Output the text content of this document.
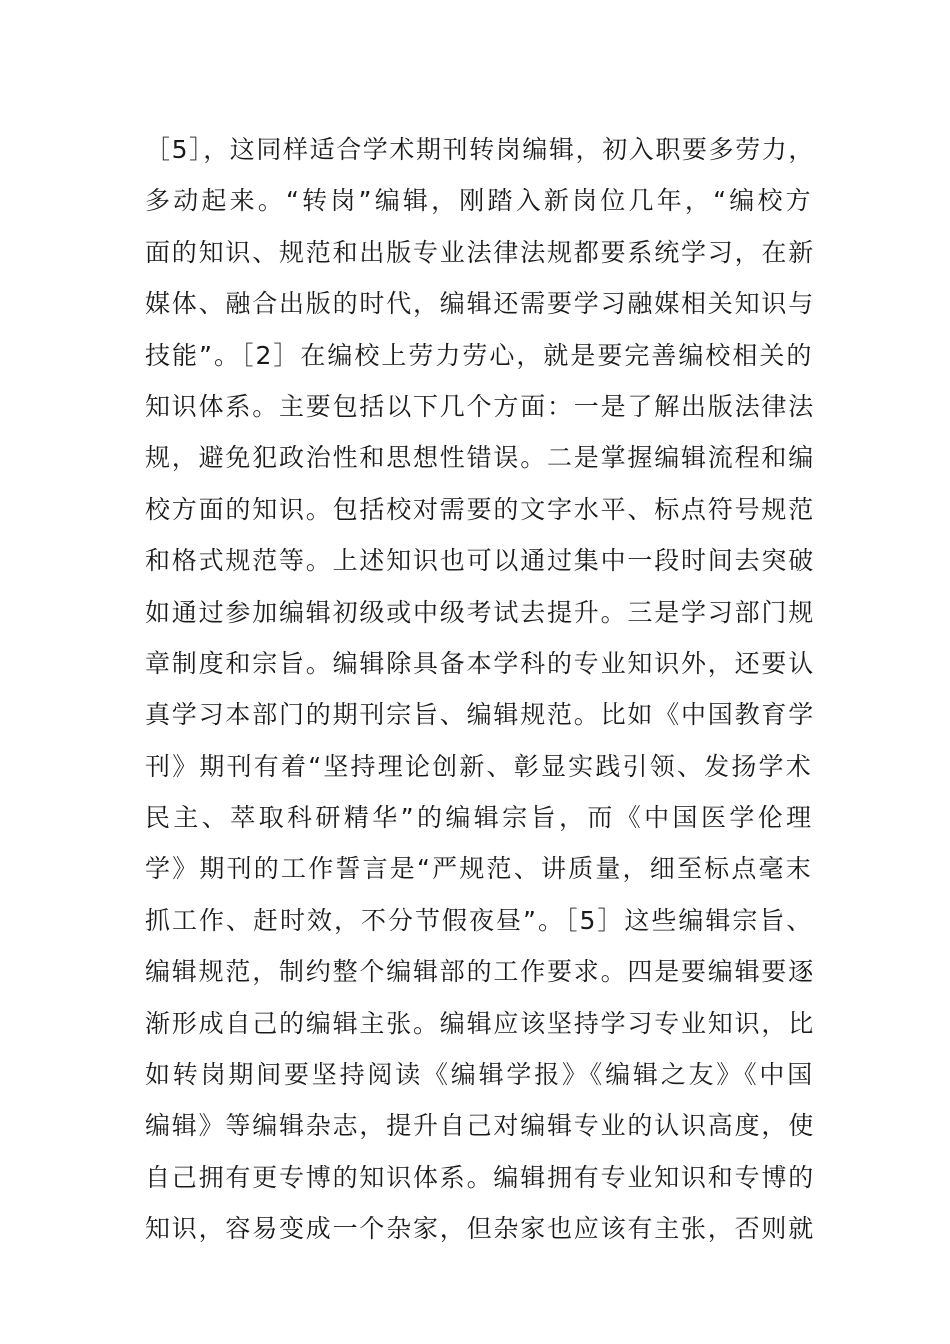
［5］，这同样适合学术期刊转岗编辑，初入职要多劳力，
多动起来。“转岗”编辑，刚踏入新岗位几年，“编校方
面的知识、规范和出版专业法律法规都要系统学习，在新
媒体、融合出版的时代，编辑还需要学习融媒相关知识与
技能”。［2］在编校上劳力劳心，就是要完善编校相关的
知识体系。主要包括以下几个方面：一是了解出版法律法
规，避免犯政治性和思想性错误。二是掌握编辑流程和编
校方面的知识。包括校对需要的文字水平、标点符号规范
和格式规范等。上述知识也可以通过集中一段时间去突破
如通过参加编辑初级或中级考试去提升。三是学习部门规
章制度和宗旨。编辑除具备本学科的专业知识外，还要认
真学习本部门的期刊宗旨、编辑规范。比如《中国教育学
刊》期刊有着“坚持理论创新、彰显实践引领、发扬学术
民主、萃取科研精华”的编辑宗旨，而《中国医学伦理
学》期刊的工作誓言是“严规范、讲质量，细至标点毫末
抓工作、赶时效，不分节假夜昼”。［5］这些编辑宗旨、
编辑规范，制约整个编辑部的工作要求。四是要编辑要逐
渐形成自己的编辑主张。编辑应该坚持学习专业知识，比
如转岗期间要坚持阅读《编辑学报》《编辑之友》《中国
编辑》等编辑杂志，提升自己对编辑专业的认识高度，使
自己拥有更专博的知识体系。编辑拥有专业知识和专博的
知识，容易变成一个杂家，但杂家也应该有主张，否则就
